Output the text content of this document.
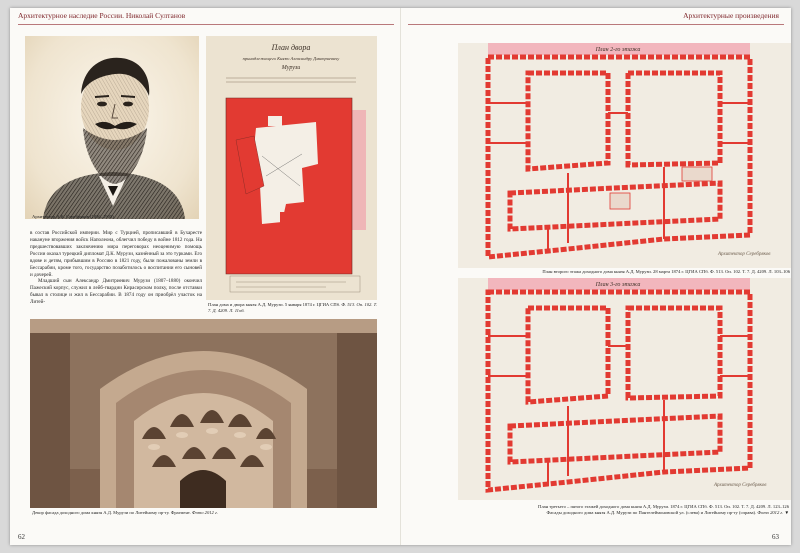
Архитектурное наследие России. Николай Султанов	Архитектурные произведения
Архитектор А.К. Серебряков (1836–1905)
План двора
принадлежащего Князю Александру Дмитриевичу
Мурузи
План дома и двора князя А.Д. Мурузи. 5 января 1874 г. ЦГИА СПб. Ф. 513. Оп. 102. Т. 7. Д. 4209. Л. 11об.

в состав Российской империи. Мир с Турцией, прописавший в Бухаресте накануне вторжения войск Наполеона, облегчил победу в войне 1812 года. На предшествовавших заключению мира переговорах неоценимую помощь России оказал турецкий дипломат Д.К. Мурузи, казнённый за это турками. Его вдове и детям, прибывшим в Россию в 1821 году, были пожалованы земли в Бессарабии, кроме того, государство позаботилось о воспитании его сыновей и дочерей.

Младший сын Александр Дмитриевич Мурузи (1807–1880) окончил Пажеский корпус, служил в лейб-гвардии Кирасирском полку, после отставки бывал в столице и жил в Бессарабии. В 1874 году он приобрёл участок на Литей-

Декор фасада доходного дома князя А.Д. Мурузи по Литейному пр-ту. Фрагмент. Фото 2012 г.
План 2-го этажа
Архитектор Серебряков
План второго этажа доходного дома князя А.Д. Мурузи. 28 марта 1874 г. ЦГИА СПб. Ф. 513. Оп. 102. Т. 7. Д. 4209. Л. 103–106
План 3-го этажа
Архитектор Серебряков
План третьего – пятого этажей доходного дома князя А.Д. Мурузи. 1874 г. ЦГИА СПб. Ф. 513. Оп. 102. Т. 7. Д. 4209. Л. 123–126
Фасады доходного дома князя А.Д. Мурузи по Пантелеймоновской ул. (слева) и Литейному пр-ту (справа). Фото 2012 г. ▼
62	63
